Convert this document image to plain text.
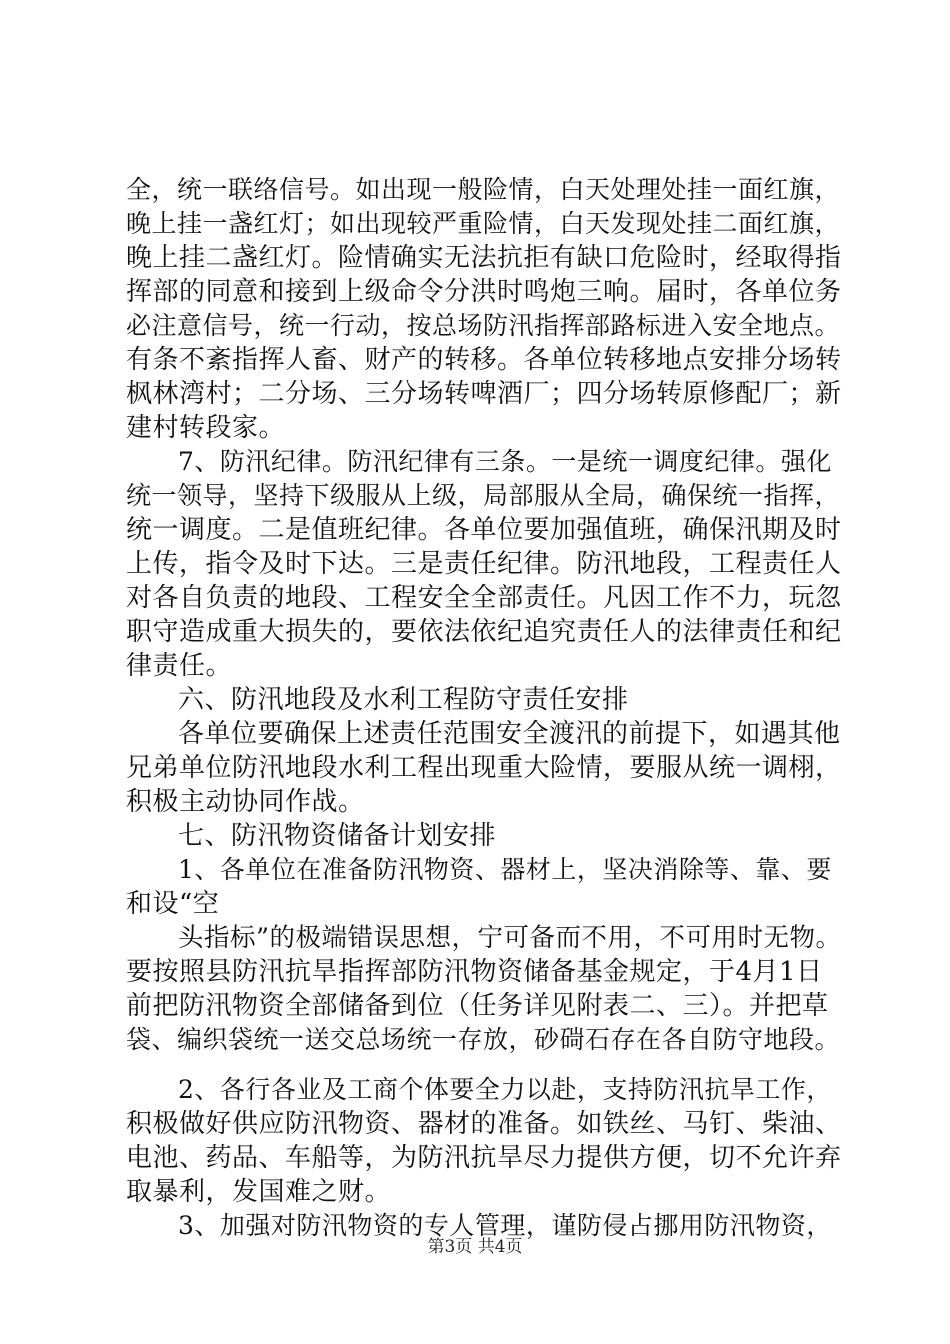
全，统一联络信号。如出现一般险情，白天处理处挂一面红旗，
晚上挂一盏红灯；如出现较严重险情，白天发现处挂二面红旗，
晚上挂二盏红灯。险情确实无法抗拒有缺口危险时，经取得指
挥部的同意和接到上级命令分洪时鸣炮三响。届时，各单位务
必注意信号，统一行动，按总场防汛指挥部路标进入安全地点。
有条不紊指挥人畜、财产的转移。各单位转移地点安排分场转
枫林湾村；二分场、三分场转啤酒厂；四分场转原修配厂；新
建村转段家。
7、防汛纪律。防汛纪律有三条。一是统一调度纪律。强化
统一领导，坚持下级服从上级，局部服从全局，确保统一指挥，
统一调度。二是值班纪律。各单位要加强值班，确保汛期及时
上传，指令及时下达。三是责任纪律。防汛地段，工程责任人
对各自负责的地段、工程安全全部责任。凡因工作不力，玩忽
职守造成重大损失的，要依法依纪追究责任人的法律责任和纪
律责任。
六、防汛地段及水利工程防守责任安排
各单位要确保上述责任范围安全渡汛的前提下，如遇其他
兄弟单位防汛地段水利工程出现重大险情，要服从统一调栩，
积极主动协同作战。
七、防汛物资储备计划安排
1、各单位在准备防汛物资、器材上，坚决消除等、靠、要
和设“空
头指标”的极端错误思想，宁可备而不用，不可用时无物。
要按照县防汛抗旱指挥部防汛物资储备基金规定，于4月1日
前把防汛物资全部储备到位（任务详见附表二、三）。并把草
袋、编织袋统一送交总场统一存放，砂碋石存在各自防守地段。
2、各行各业及工商个体要全力以赴，支持防汛抗旱工作，
积极做好供应防汛物资、器材的准备。如铁丝、马钉、柴油、
电池、药品、车船等，为防汛抗旱尽力提供方便，切不允许弃
取暴利，发国难之财。
3、加强对防汛物资的专人管理，谨防侵占挪用防汛物资，
第3页 共4页
